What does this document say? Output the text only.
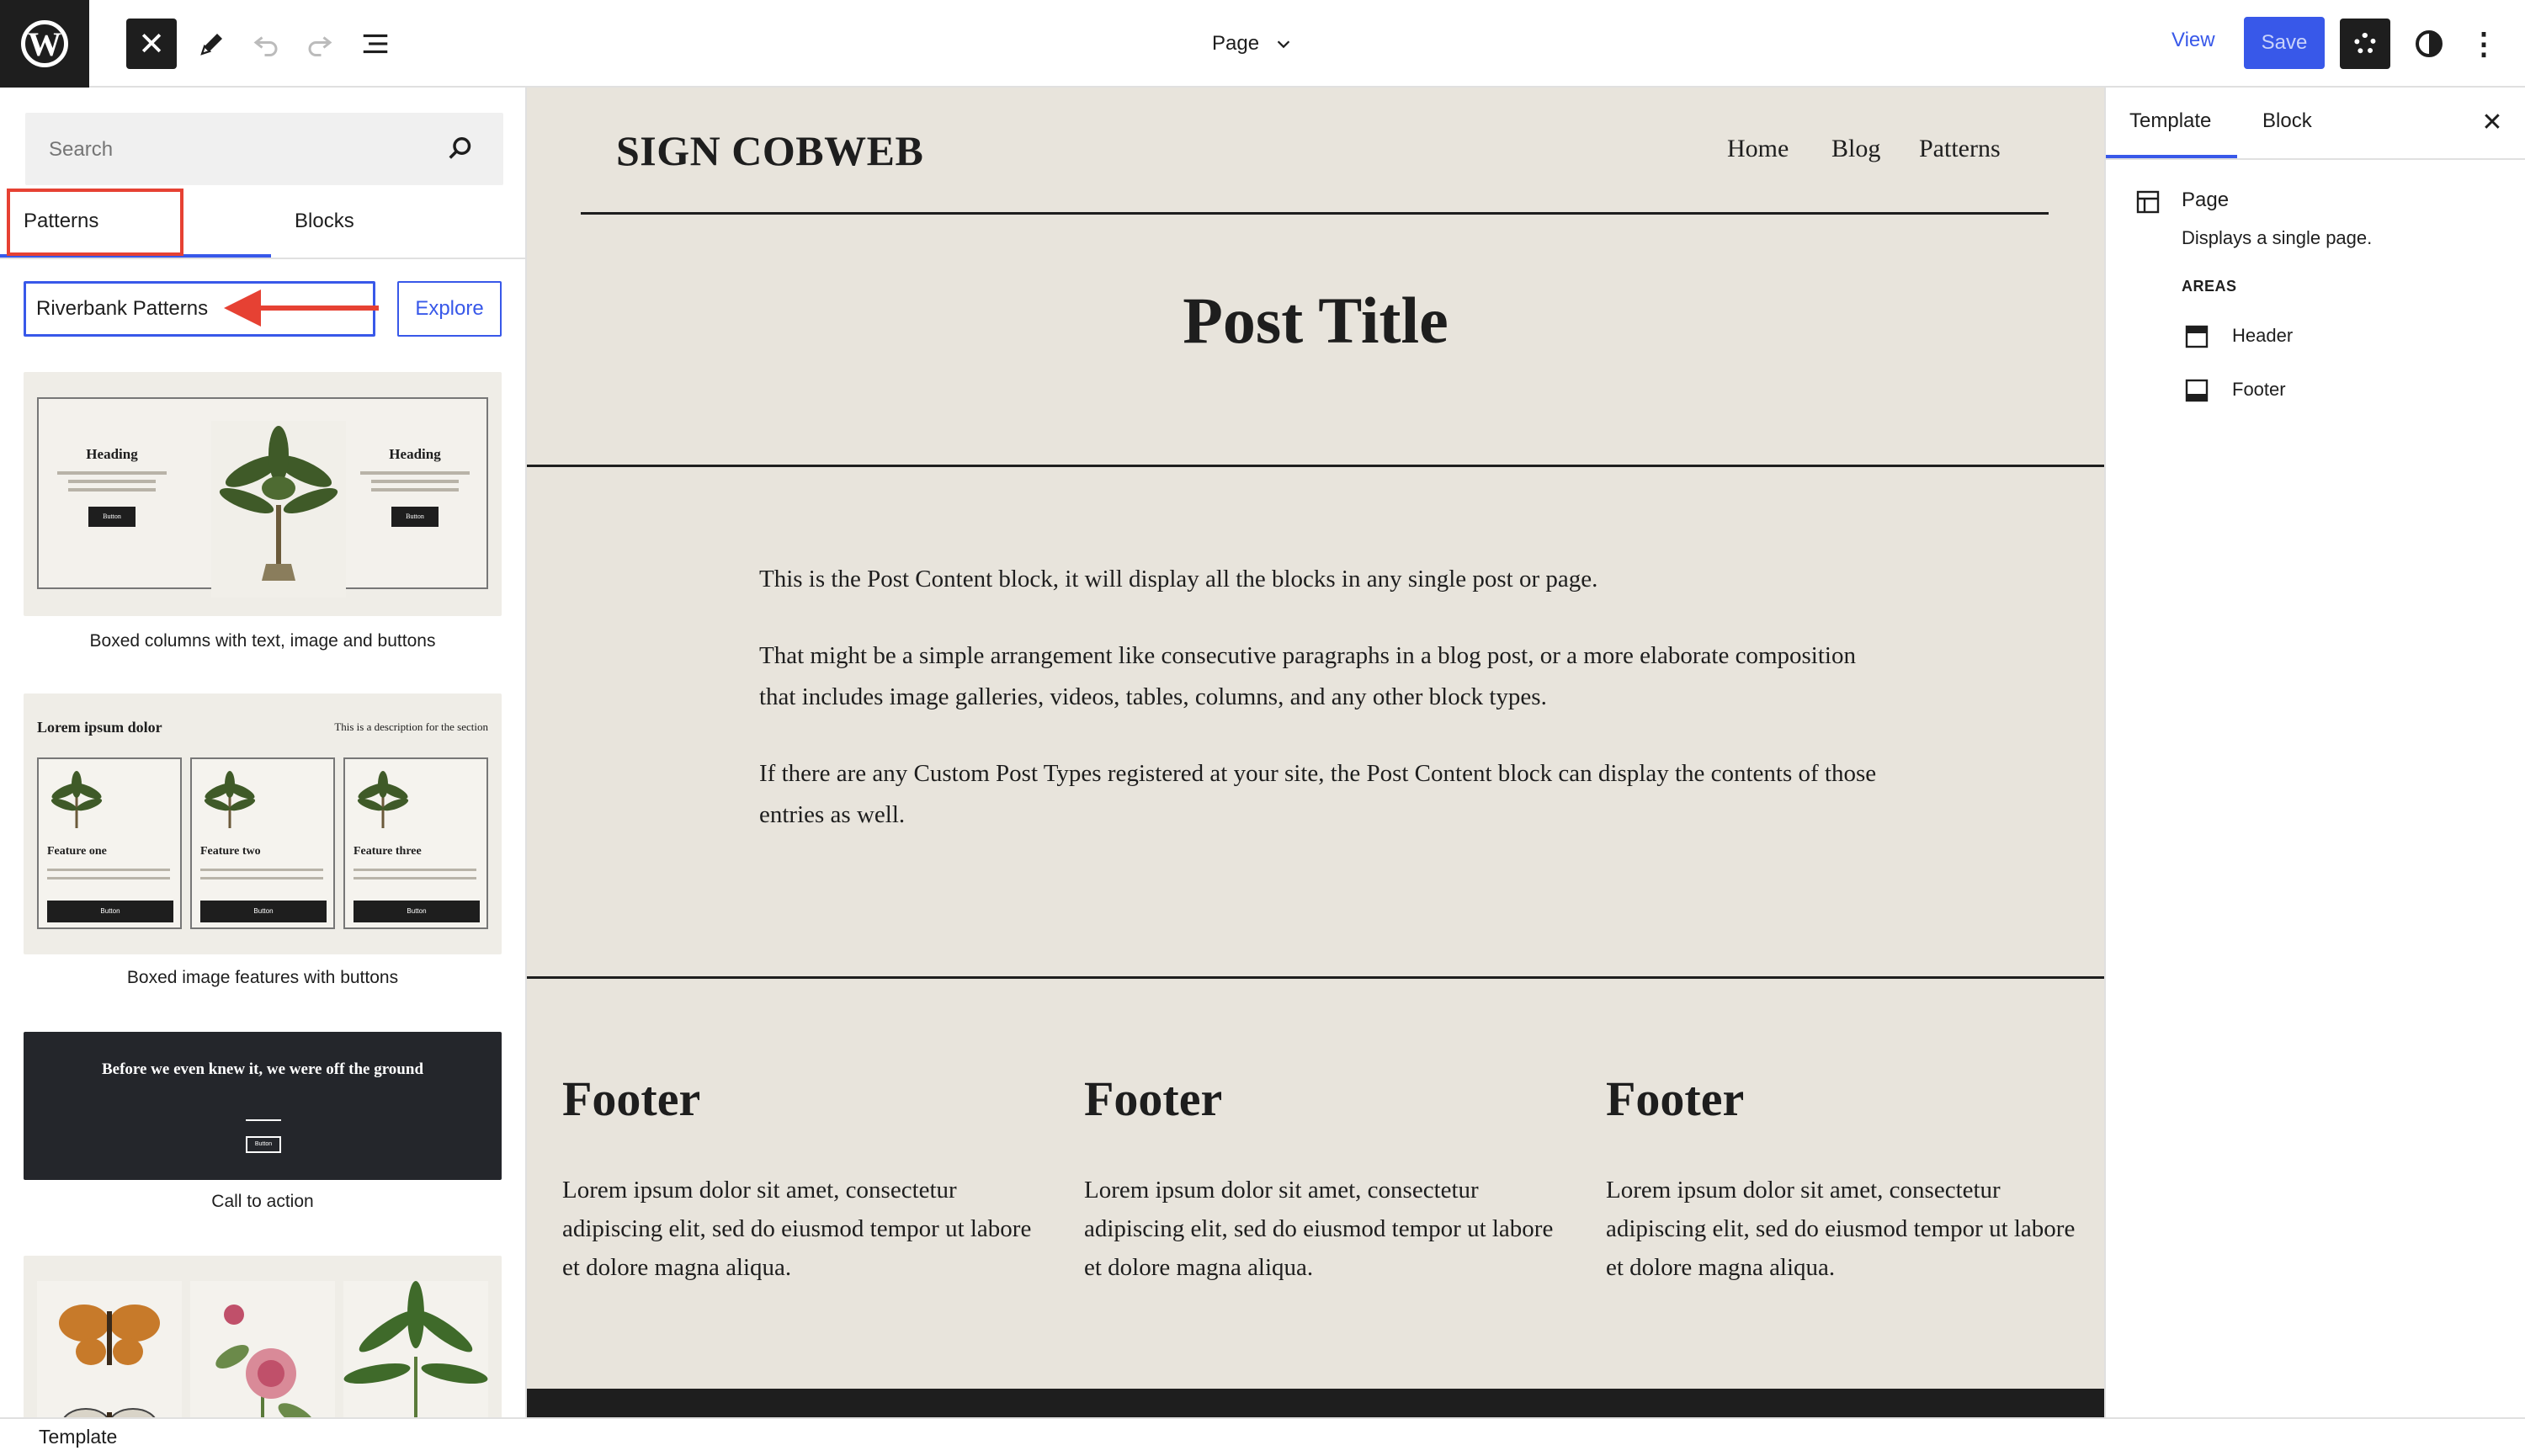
W ✕	Page	View	Save	⋮
Search
Patterns	Blocks
Riverbank Patterns	Explore
Heading
Button
Heading
Button
Boxed columns with text, image and buttons
Lorem ipsum dolor	This is a description for the section
Feature one
Button
Feature two
Button
Feature three
Button
Boxed image features with buttons
Before we even knew it, we were off the ground
Button
Call to action
SIGN COBWEB	Home Blog Patterns
Post Title

This is the Post Content block, it will display all the blocks in any single post or page.

That might be a simple arrangement like consecutive paragraphs in a blog post, or a more elaborate composition that includes image galleries, videos, tables, columns, and any other block types.

If there are any Custom Post Types registered at your site, the Post Content block can display the contents of those entries as well.

Footer

Lorem ipsum dolor sit amet, consectetur adipiscing elit, sed do eiusmod tempor ut labore et dolore magna aliqua.

Footer

Lorem ipsum dolor sit amet, consectetur adipiscing elit, sed do eiusmod tempor ut labore et dolore magna aliqua.

Footer

Lorem ipsum dolor sit amet, consectetur adipiscing elit, sed do eiusmod tempor ut labore et dolore magna aliqua.

Template	Block	✕
Page
Displays a single page.
AREAS
Header
Footer
Template
